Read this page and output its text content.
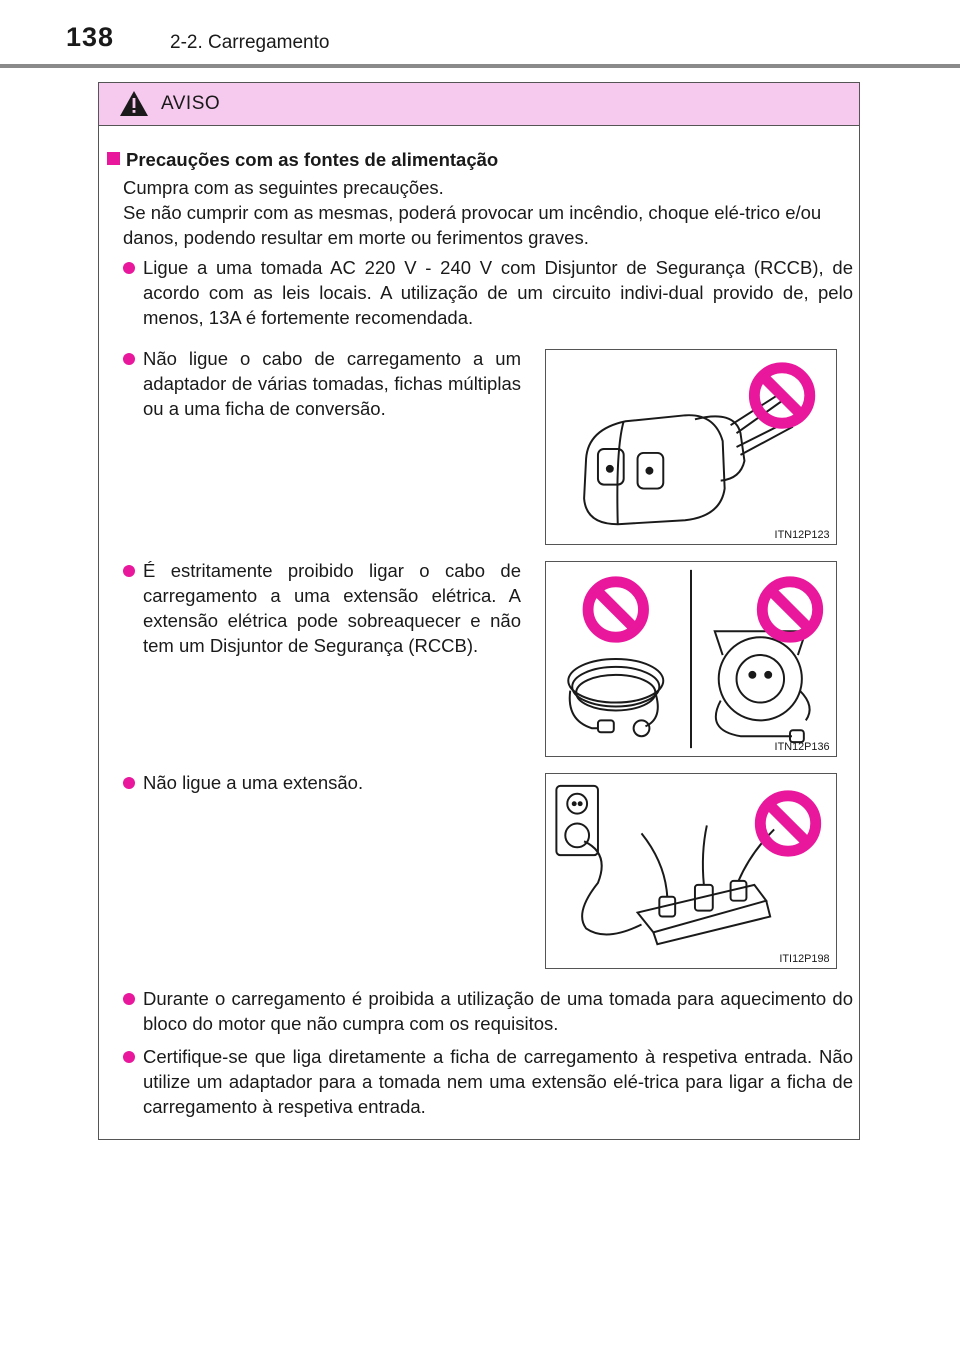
138	2-2. Carregamento
AVISO
Precauções com as fontes de alimentação

Cumpra com as seguintes precauções.

Se não cumprir com as mesmas, poderá provocar um incêndio, choque elé-trico e/ou danos, podendo resultar em morte ou ferimentos graves.

Ligue a uma tomada AC 220 V - 240 V com Disjuntor de Segurança (RCCB), de acordo com as leis locais. A utilização de um circuito indivi-dual provido de, pelo menos, 13A é fortemente recomendada.
Não ligue o cabo de carregamento a um adaptador de várias tomadas, fichas múltiplas ou a uma ficha de conversão.
É estritamente proibido ligar o cabo de carregamento a uma extensão elétrica. A extensão elétrica pode sobreaquecer e não tem um Disjuntor de Segurança (RCCB).
Não ligue a uma extensão.
Durante o carregamento é proibida a utilização de uma tomada para aquecimento do bloco do motor que não cumpra com os requisitos.
Certifique-se que liga diretamente a ficha de carregamento à respetiva entrada. Não utilize um adaptador para a tomada nem uma extensão elé-trica para ligar a ficha de carregamento à respetiva entrada.
ITN12P123
ITN12P136
ITI12P198
